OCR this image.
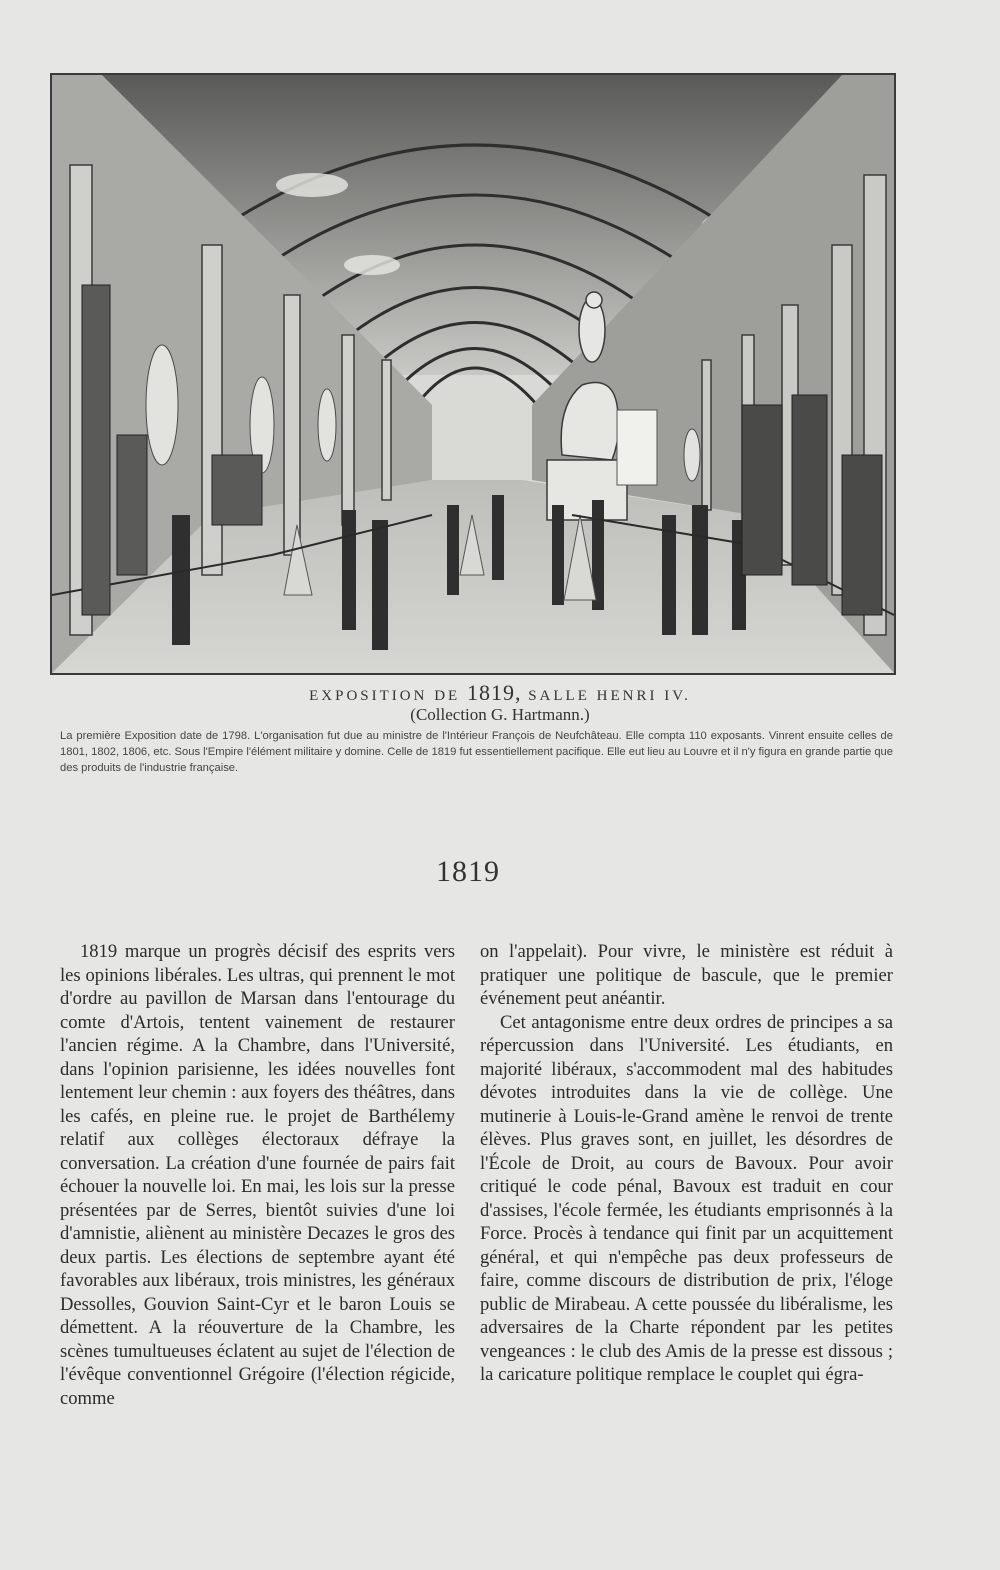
EXPOSITION DE 1819, SALLE HENRI IV.
(Collection G. Hartmann.)
La première Exposition date de 1798. L'organisation fut due au ministre de l'Intérieur François de Neufchâteau. Elle compta 110 exposants. Vinrent ensuite celles de 1801, 1802, 1806, etc. Sous l'Empire l'élément militaire y domine. Celle de 1819 fut essentiellement pacifique. Elle eut lieu au Louvre et il n'y figura en grande partie que des produits de l'industrie française.
1819

1819 marque un progrès décisif des esprits vers les opinions libérales. Les ultras, qui prennent le mot d'ordre au pavillon de Marsan dans l'entourage du comte d'Artois, tentent vainement de restaurer l'ancien régime. A la Chambre, dans l'Université, dans l'opinion parisienne, les idées nouvelles font lentement leur chemin : aux foyers des théâtres, dans les cafés, en pleine rue. le projet de Barthélemy relatif aux collèges électoraux défraye la conversation. La création d'une fournée de pairs fait échouer la nouvelle loi. En mai, les lois sur la presse présentées par de Serres, bientôt suivies d'une loi d'amnistie, aliènent au ministère Decazes le gros des deux partis. Les élections de septembre ayant été favorables aux libéraux, trois ministres, les généraux Dessolles, Gouvion Saint-Cyr et le baron Louis se démettent. A la réouverture de la Chambre, les scènes tumultueuses éclatent au sujet de l'élection de l'évêque conventionnel Grégoire (l'élection régicide, comme

on l'appelait). Pour vivre, le ministère est réduit à pratiquer une politique de bascule, que le premier événement peut anéantir.

Cet antagonisme entre deux ordres de principes a sa répercussion dans l'Université. Les étudiants, en majorité libéraux, s'accommodent mal des habitudes dévotes introduites dans la vie de collège. Une mutinerie à Louis-le-Grand amène le renvoi de trente élèves. Plus graves sont, en juillet, les désordres de l'École de Droit, au cours de Bavoux. Pour avoir critiqué le code pénal, Bavoux est traduit en cour d'assises, l'école fermée, les étudiants emprisonnés à la Force. Procès à tendance qui finit par un acquittement général, et qui n'empêche pas deux professeurs de faire, comme discours de distribution de prix, l'éloge public de Mirabeau. A cette poussée du libéralisme, les adversaires de la Charte répondent par les petites vengeances : le club des Amis de la presse est dissous ; la caricature politique remplace le couplet qui égra-
